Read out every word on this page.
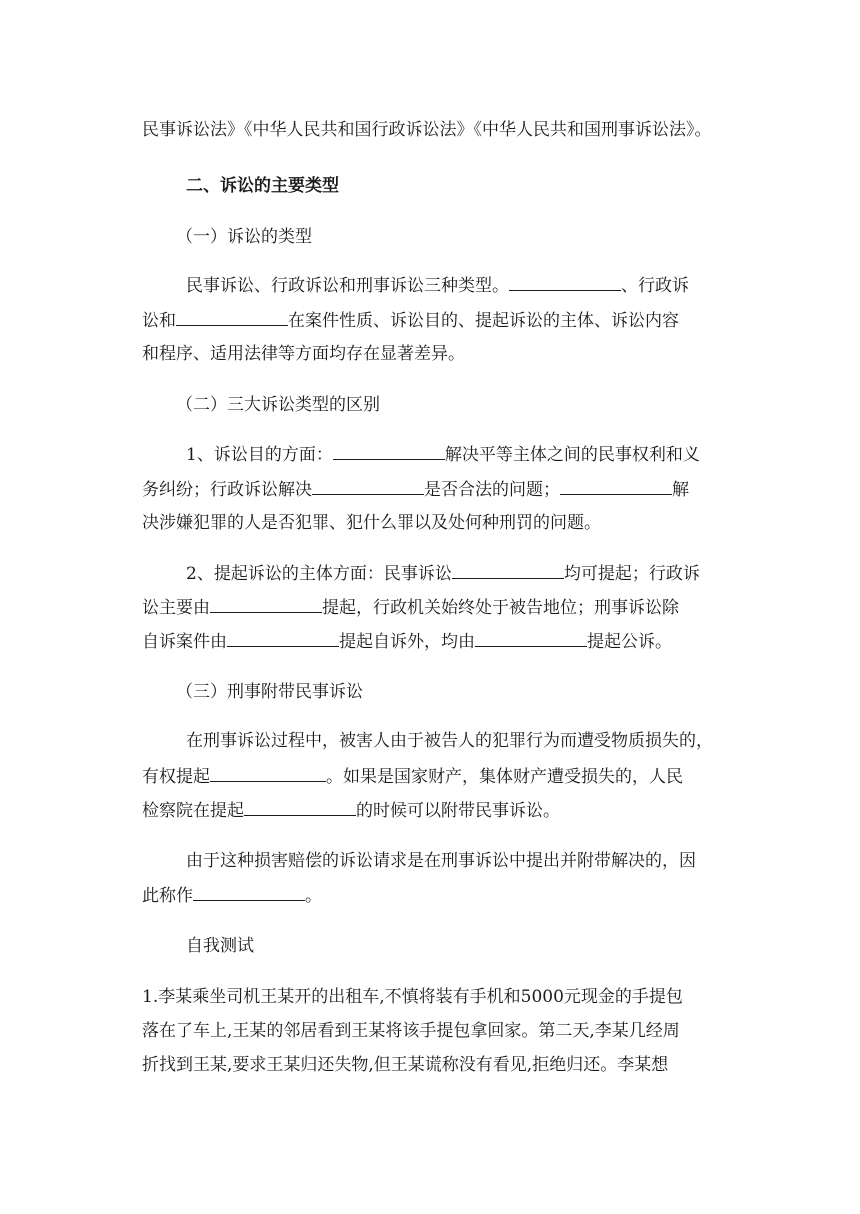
民事诉讼法》《中华人民共和国行政诉讼法》《中华人民共和国刑事诉讼法》。
二、诉讼的主要类型
（一）诉讼的类型
民事诉讼、行政诉讼和刑事诉讼三种类型。	、行政诉
讼和	在案件性质、诉讼目的、提起诉讼的主体、诉讼内容
和程序、适用法律等方面均存在显著差异。
（二）三大诉讼类型的区别
1、诉讼目的方面：	解决平等主体之间的民事权利和义
务纠纷；行政诉讼解决	是否合法的问题；	解
决涉嫌犯罪的人是否犯罪、犯什么罪以及处何种刑罚的问题。
2、提起诉讼的主体方面：民事诉讼	均可提起；行政诉
讼主要由	提起，行政机关始终处于被告地位；刑事诉讼除
自诉案件由	提起自诉外，均由	提起公诉。
（三）刑事附带民事诉讼
在刑事诉讼过程中，被害人由于被告人的犯罪行为而遭受物质损失的，
有权提起	。如果是国家财产，集体财产遭受损失的，人民
检察院在提起	的时候可以附带民事诉讼。
由于这种损害赔偿的诉讼请求是在刑事诉讼中提出并附带解决的，因
此称作	。
自我测试
1.李某乘坐司机王某开的出租车,不慎将装有手机和5000元现金的手提包
落在了车上,王某的邻居看到王某将该手提包拿回家。第二天,李某几经周
折找到王某,要求王某归还失物,但王某谎称没有看见,拒绝归还。李某想
